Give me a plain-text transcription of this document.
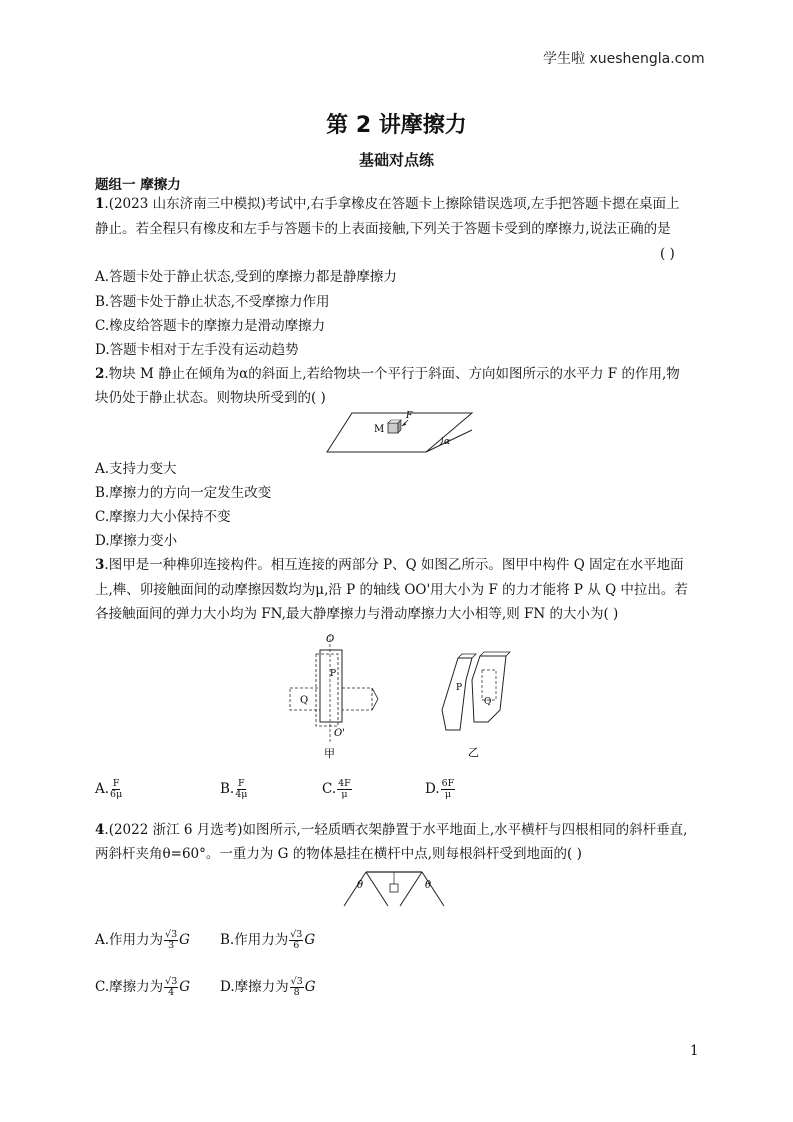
学生啦 xueshengla.com
第 2 讲摩擦力
基础对点练
题组一 摩擦力
1.(2023 山东济南三中模拟)考试中,右手拿橡皮在答题卡上擦除错误选项,左手把答题卡摁在桌面上
静止。若全程只有橡皮和左手与答题卡的上表面接触,下列关于答题卡受到的摩擦力,说法正确的是
( )
A.答题卡处于静止状态,受到的摩擦力都是静摩擦力
B.答题卡处于静止状态,不受摩擦力作用
C.橡皮给答题卡的摩擦力是滑动摩擦力
D.答题卡相对于左手没有运动趋势
2.物块 M 静止在倾角为α的斜面上,若给物块一个平行于斜面、方向如图所示的水平力 F 的作用,物
块仍处于静止状态。则物块所受到的( )
α
M
F
A.支持力变大
B.摩擦力的方向一定发生改变
C.摩擦力大小保持不变
D.摩擦力变小
3.图甲是一种榫卯连接构件。相互连接的两部分 P、Q 如图乙所示。图甲中构件 Q 固定在水平地面
上,榫、卯接触面间的动摩擦因数均为μ,沿 P 的轴线 OO'用大小为 F 的力才能将 P 从 Q 中拉出。若
各接触面间的弹力大小均为 FN,最大静摩擦力与滑动摩擦力大小相等,则 FN 的大小为( )
O
P
Q
O'
甲
P
Q
乙
A. $\frac{F}{6\mu}$	B. $\frac{F}{4\mu}$	C. $\frac{4F}{\mu}$	D. $\frac{6F}{\mu}$
4.(2022 浙江 6 月选考)如图所示,一轻质晒衣架静置于水平地面上,水平横杆与四根相同的斜杆垂直,
两斜杆夹角θ=60°。一重力为 G 的物体悬挂在横杆中点,则每根斜杆受到地面的( )
θ	θ
A.作用力为 $\frac{√3}{3}$ G B.作用力为 $\frac{√3}{6}$ G
C.摩擦力为 $\frac{√3}{4}$ G D.摩擦力为 $\frac{√3}{8}$ G
1
